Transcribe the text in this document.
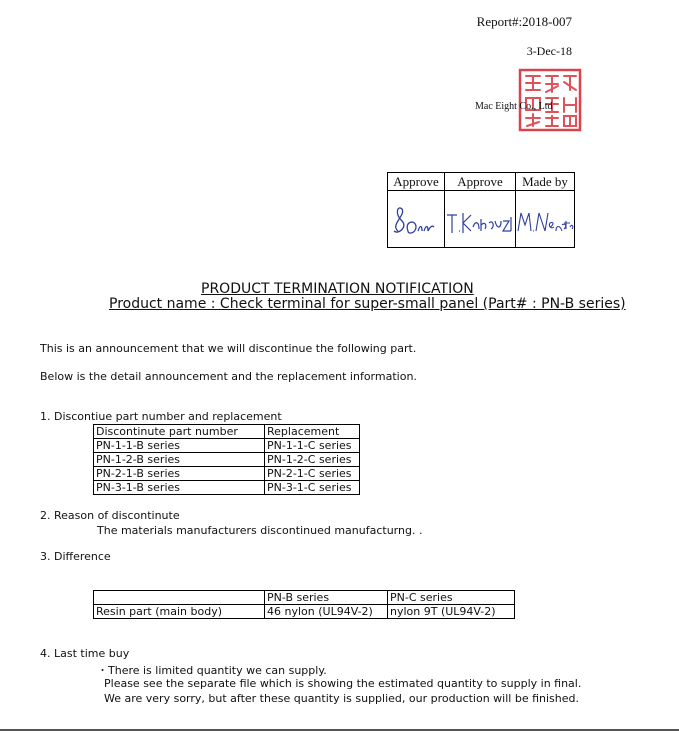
Report#:2018-007
3-Dec-18
Mac Eight Co., Ltd
Approve	Approve	Made by

PRODUCT TERMINATION NOTIFICATION
Product name : Check terminal for super-small panel (Part# : PN-B series)
This is an announcement that we will discontinue the following part.
Below is the detail announcement and the replacement information.
1. Discontiue part number and replacement
Discontinute part number	Replacement
PN-1-1-B series	PN-1-1-C series
PN-1-2-B series	PN-1-2-C series
PN-2-1-B series	PN-2-1-C series
PN-3-1-B series	PN-3-1-C series
2. Reason of discontinute
The materials manufacturers discontinued manufacturng. .
3. Difference
	PN-B series	PN-C series
Resin part (main body)	46 nylon (UL94V-2)	nylon 9T (UL94V-2)
4. Last time buy
・There is limited quantity we can supply.
Please see the separate file which is showing the estimated quantity to supply in final.
We are very sorry, but after these quantity is supplied, our production will be finished.
